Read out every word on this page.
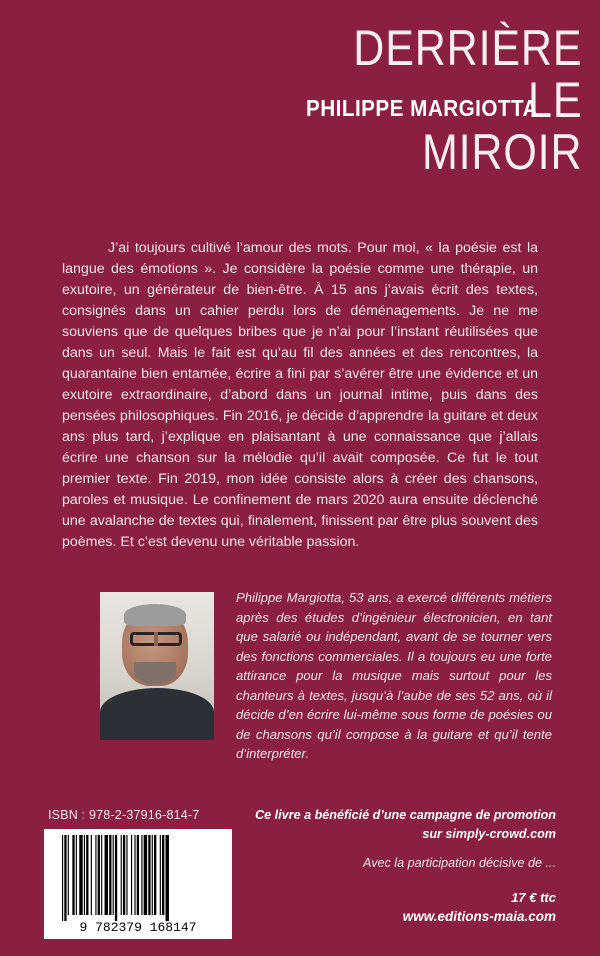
DERRIÈRE
LE
MIROIR
PHILIPPE MARGIOTTA

J’ai toujours cultivé l’amour des mots. Pour moi, « la poésie est la langue des émotions ». Je considère la poésie comme une thérapie, un exutoire, un générateur de bien-être. À 15 ans j’avais écrit des textes, consignés dans un cahier perdu lors de déménagements. Je ne me souviens que de quelques bribes que je n’ai pour l’instant réutilisées que dans un seul. Mais le fait est qu’au fil des années et des rencontres, la quarantaine bien entamée, écrire a fini par s’avérer être une évidence et un exutoire extraordinaire, d’abord dans un journal intime, puis dans des pensées philosophiques. Fin 2016, je décide d’apprendre la guitare et deux ans plus tard, j’explique en plaisantant à une connaissance que j’allais écrire une chanson sur la mélodie qu’il avait composée. Ce fut le tout premier texte. Fin 2019, mon idée consiste alors à créer des chansons, paroles et musique. Le confinement de mars 2020 aura ensuite déclenché une avalanche de textes qui, finalement, finissent par être plus souvent des poèmes. Et c’est devenu une véritable passion.

Philippe Margiotta, 53 ans, a exercé différents métiers après des études d’ingénieur électronicien, en tant que salarié ou indépendant, avant de se tourner vers des fonctions commerciales. Il a toujours eu une forte attirance pour la musique mais surtout pour les chanteurs à textes, jusqu’à l’aube de ses 52 ans, où il décide d’en écrire lui-même sous forme de poésies ou de chansons qu’il compose à la guitare et qu’il tente d’interpréter.

ISBN : 978-2-37916-814-7
9 782379 168147
Ce livre a bénéficié d’une campagne de promotion
sur simply-crowd.com
Avec la participation décisive de ...
17 € ttc
www.editions-maia.com
